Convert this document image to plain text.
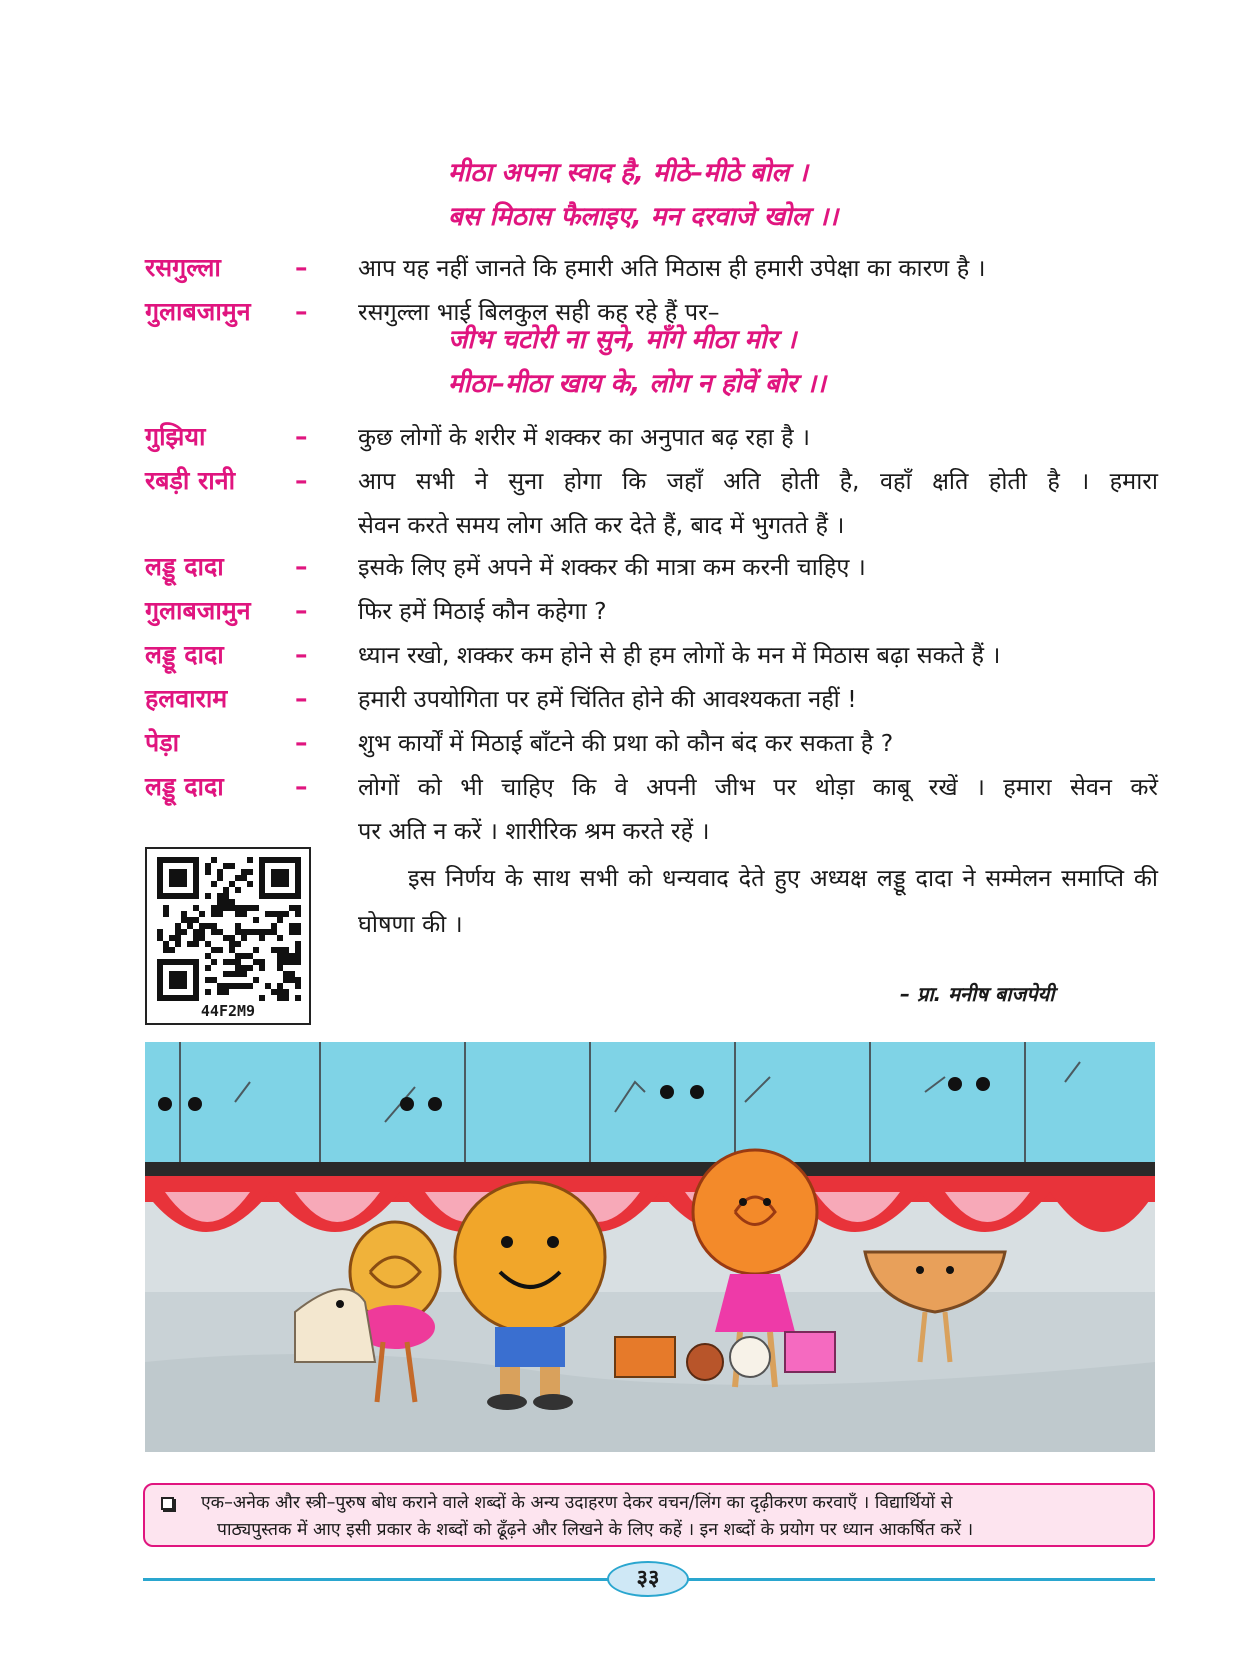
मीठा अपना स्वाद है, मीठे–मीठे बोल ।
बस मिठास फैलाइए, मन दरवाजे खोल ।।
रसगुल्ला	– आप यह नहीं जानते कि हमारी अति मिठास ही हमारी उपेक्षा का कारण है ।
गुलाबजामुन – रसगुल्ला भाई बिलकुल सही कह रहे हैं पर–
जीभ चटोरी ना सुने, माँगे मीठा मोर ।
मीठा–मीठा खाय के, लोग न होवें बोर ।।
गुझिया	– कुछ लोगों के शरीर में शक्कर का अनुपात बढ़ रहा है ।
रबड़ी रानी – आप सभी ने सुना होगा कि जहाँ अति होती है, वहाँ क्षति होती है । हमारा
सेवन करते समय लोग अति कर देते हैं, बाद में भुगतते हैं ।
लड्डू दादा	– इसके लिए हमें अपने में शक्कर की मात्रा कम करनी चाहिए ।
गुलाबजामुन – फिर हमें मिठाई कौन कहेगा ?
लड्डू दादा	– ध्यान रखो, शक्कर कम होने से ही हम लोगों के मन में मिठास बढ़ा सकते हैं ।
हलवाराम	– हमारी उपयोगिता पर हमें चिंतित होने की आवश्यकता नहीं !
पेड़ा	– शुभ कार्यों में मिठाई बाँटने की प्रथा को कौन बंद कर सकता है ?
लड्डू दादा	– लोगों को भी चाहिए कि वे अपनी जीभ पर थोड़ा काबू रखें । हमारा सेवन करें
पर अति न करें । शारीरिक श्रम करते रहें ।
44F2M9
इस निर्णय के साथ सभी को धन्यवाद देते हुए अध्यक्ष लड्डू दादा ने सम्मेलन समाप्ति की घोषणा की ।
– प्रा. मनीष बाजपेयी
एक–अनेक और स्त्री–पुरुष बोध कराने वाले शब्दों के अन्य उदाहरण देकर वचन/लिंग का दृढ़ीकरण करवाएँ । विद्यार्थियों से
पाठ्यपुस्तक में आए इसी प्रकार के शब्दों को ढूँढ़ने और लिखने के लिए कहें । इन शब्दों के प्रयोग पर ध्यान आकर्षित करें ।
३३
